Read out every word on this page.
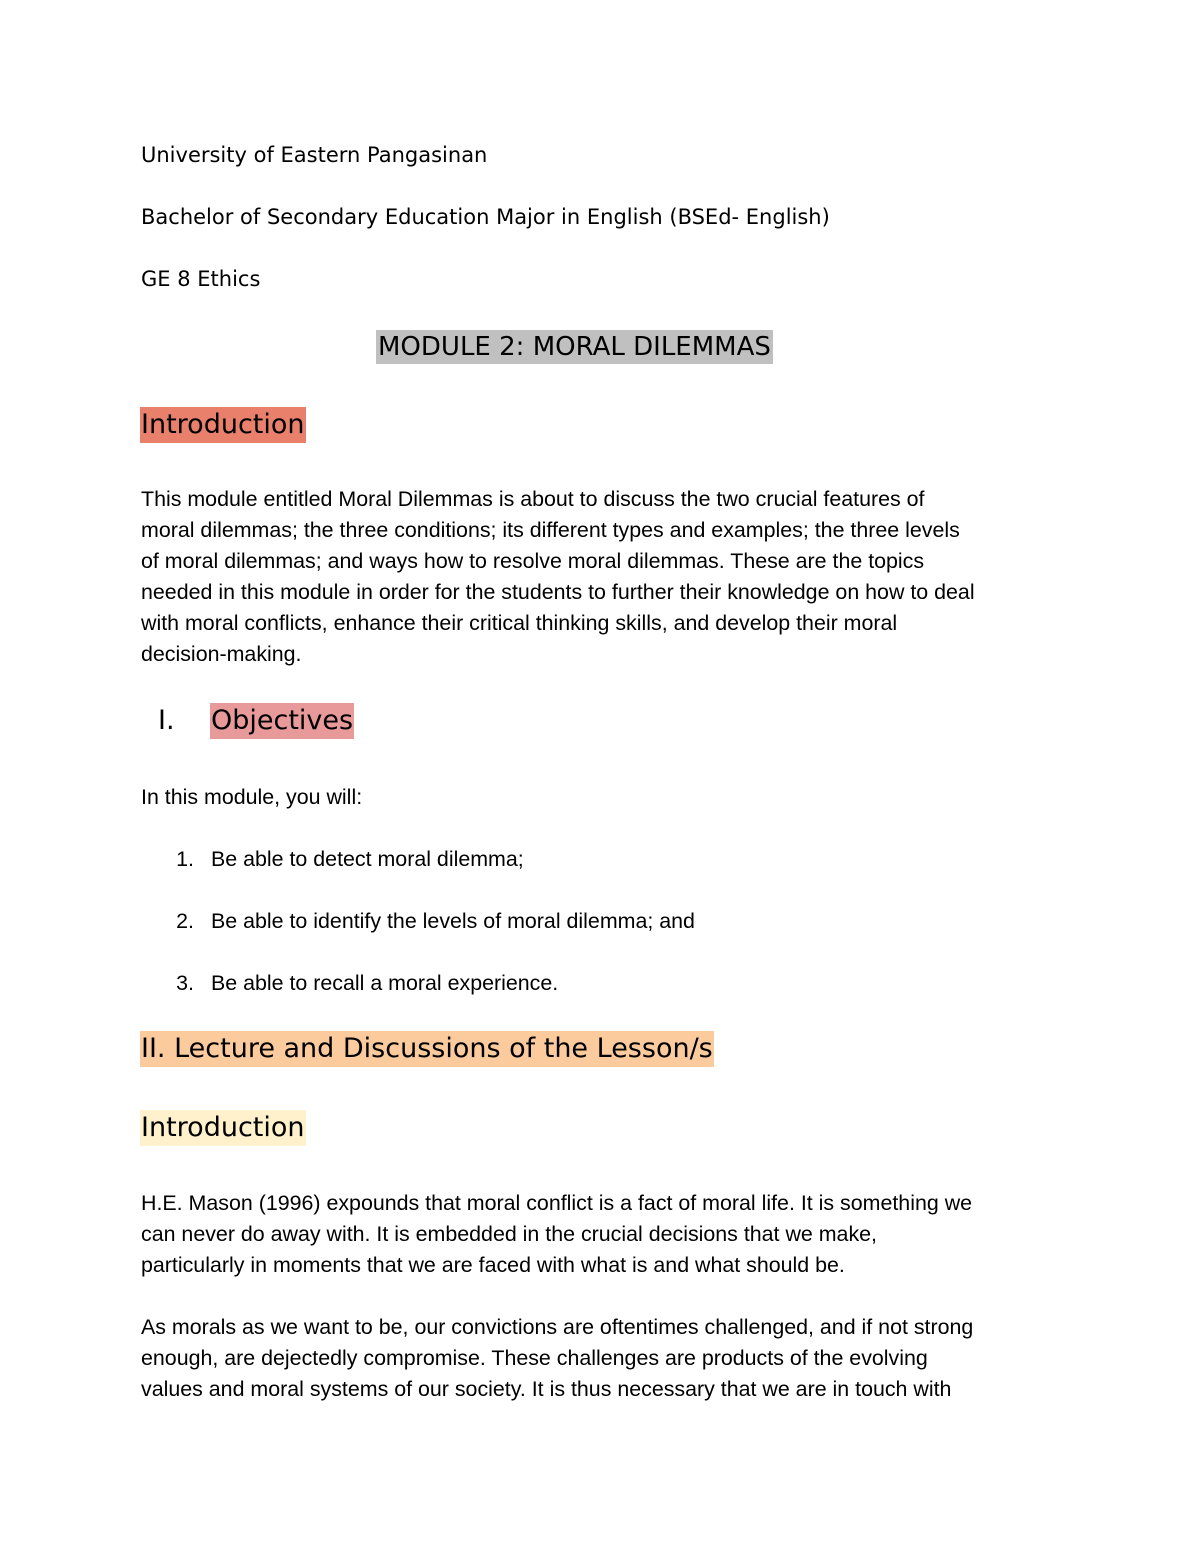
University of Eastern Pangasinan
Bachelor of Secondary Education Major in English (BSEd- English)
GE 8 Ethics
MODULE 2: MORAL DILEMMAS
Introduction
This module entitled Moral Dilemmas is about to discuss the two crucial features of
moral dilemmas; the three conditions; its different types and examples; the three levels
of moral dilemmas; and ways how to resolve moral dilemmas. These are the topics
needed in this module in order for the students to further their knowledge on how to deal
with moral conflicts, enhance their critical thinking skills, and develop their moral
decision-making.
I. Objectives
In this module, you will:
1. Be able to detect moral dilemma;
2. Be able to identify the levels of moral dilemma; and
3. Be able to recall a moral experience.
II. Lecture and Discussions of the Lesson/s
Introduction
H.E. Mason (1996) expounds that moral conflict is a fact of moral life. It is something we
can never do away with. It is embedded in the crucial decisions that we make,
particularly in moments that we are faced with what is and what should be.
As morals as we want to be, our convictions are oftentimes challenged, and if not strong
enough, are dejectedly compromise. These challenges are products of the evolving
values and moral systems of our society. It is thus necessary that we are in touch with
